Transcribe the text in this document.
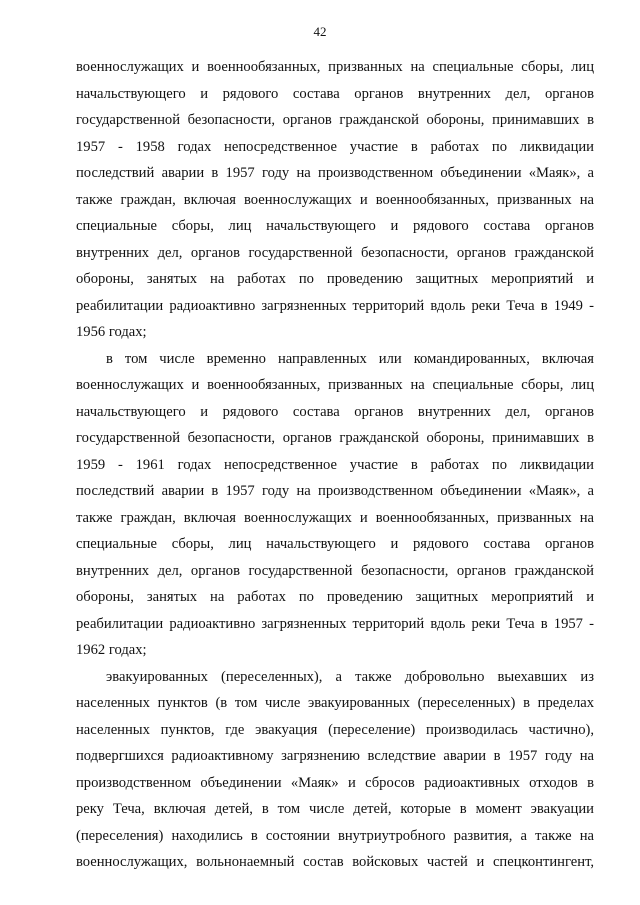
42
военнослужащих и военнообязанных, призванных на специальные сборы, лиц
начальствующего и рядового состава органов внутренних дел, органов
государственной безопасности, органов гражданской обороны, принимавших в
1957 - 1958 годах непосредственное участие в работах по ликвидации
последствий аварии в 1957 году на производственном объединении «Маяк», а
также граждан, включая военнослужащих и военнообязанных, призванных на
специальные сборы, лиц начальствующего и рядового состава органов
внутренних дел, органов государственной безопасности, органов гражданской
обороны, занятых на работах по проведению защитных мероприятий и
реабилитации радиоактивно загрязненных территорий вдоль реки Теча в 1949 -
1956 годах;
в том числе временно направленных или командированных, включая
военнослужащих и военнообязанных, призванных на специальные сборы, лиц
начальствующего и рядового состава органов внутренних дел, органов
государственной безопасности, органов гражданской обороны, принимавших в
1959 - 1961 годах непосредственное участие в работах по ликвидации
последствий аварии в 1957 году на производственном объединении «Маяк», а
также граждан, включая военнослужащих и военнообязанных, призванных на
специальные сборы, лиц начальствующего и рядового состава органов
внутренних дел, органов государственной безопасности, органов гражданской
обороны, занятых на работах по проведению защитных мероприятий и
реабилитации радиоактивно загрязненных территорий вдоль реки Теча в 1957 -
1962 годах;
эвакуированных (переселенных), а также добровольно выехавших из
населенных пунктов (в том числе эвакуированных (переселенных) в пределах
населенных пунктов, где эвакуация (переселение) производилась частично),
подвергшихся радиоактивному загрязнению вследствие аварии в 1957 году на
производственном объединении «Маяк» и сбросов радиоактивных отходов в
реку Теча, включая детей, в том числе детей, которые в момент эвакуации
(переселения) находились в состоянии внутриутробного развития, а также на
военнослужащих, вольнонаемный состав войсковых частей и спецконтингент,
